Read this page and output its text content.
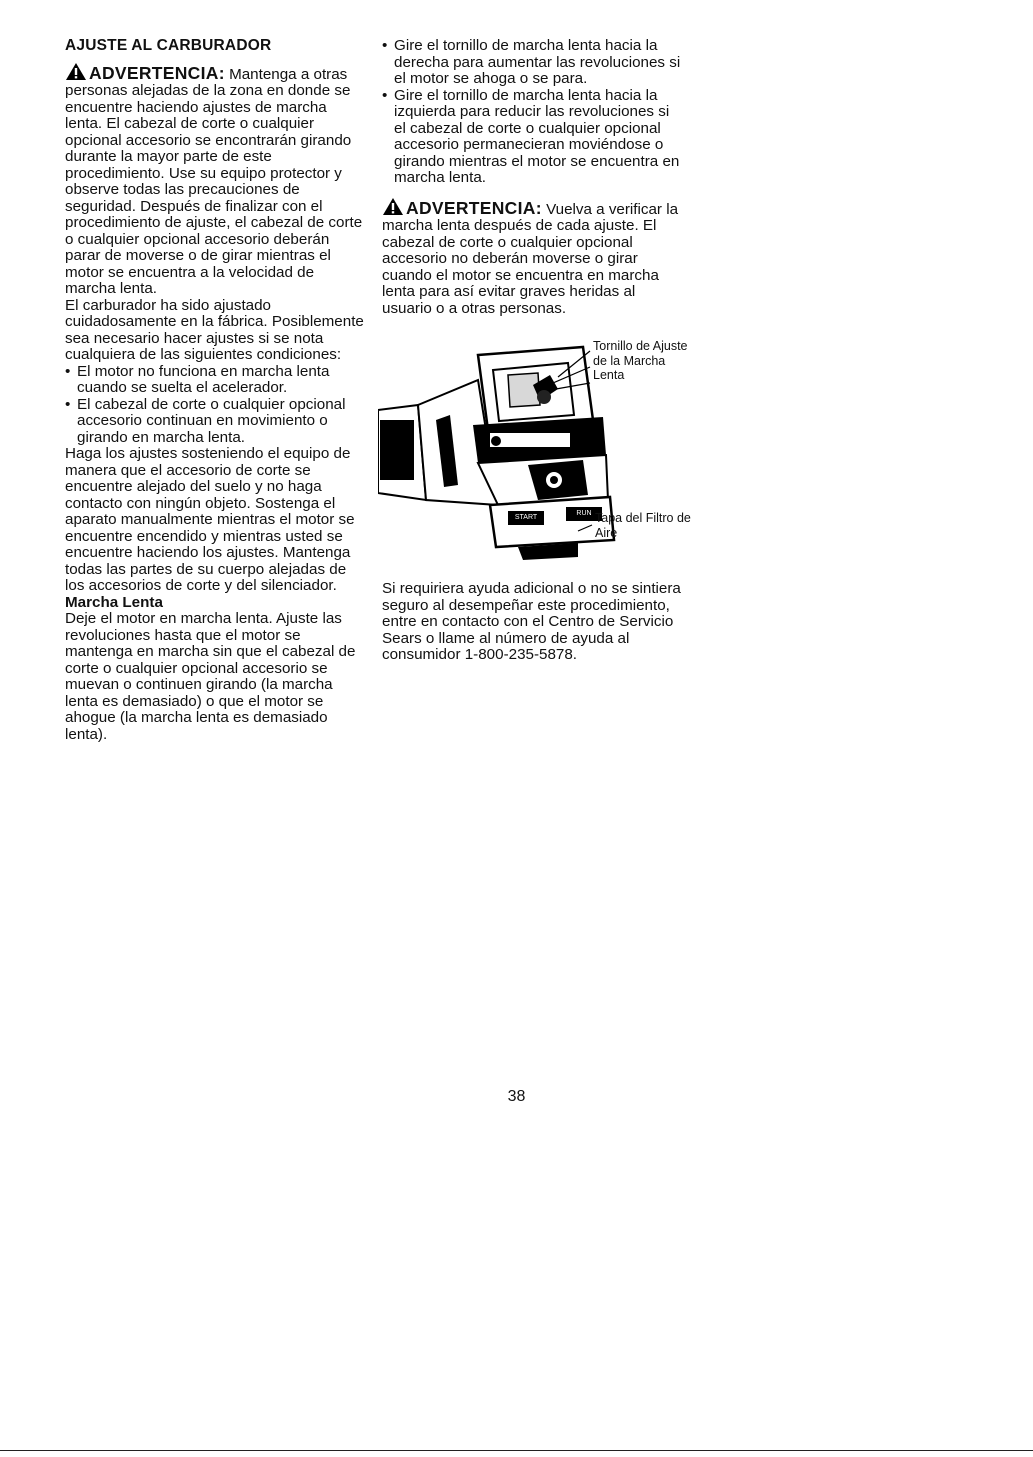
AJUSTE AL CARBURADOR

ADVERTENCIA: Mantenga a otras personas alejadas de la zona en donde se encuentre haciendo ajustes de marcha lenta. El cabezal de corte o cualquier opcional accesorio se encontrarán girando durante la mayor parte de este procedimiento. Use su equipo protector y observe todas las precauciones de seguridad. Después de finalizar con el procedimiento de ajuste, el cabezal de corte o cualquier opcional accesorio deberán parar de moverse o de girar mientras el motor se encuentra a la velocidad de marcha lenta.

El carburador ha sido ajustado cuidadosamente en la fábrica. Posiblemente sea necesario hacer ajustes si se nota cualquiera de las siguientes condiciones:

• El motor no funciona en marcha lenta cuando se suelta el acelerador.
• El cabezal de corte o cualquier opcional accesorio continuan en movimiento o girando en marcha lenta.

Haga los ajustes sosteniendo el equipo de manera que el accesorio de corte se encuentre alejado del suelo y no haga contacto con ningún objeto. Sostenga el aparato manualmente mientras el motor se encuentre encendido y mientras usted se encuentre haciendo los ajustes. Mantenga todas las partes de su cuerpo alejadas de los accesorios de corte y del silenciador.

Marcha Lenta

Deje el motor en marcha lenta. Ajuste las revoluciones hasta que el motor se mantenga en marcha sin que el cabezal de corte o cualquier opcional accesorio se muevan o continuen girando (la marcha lenta es demasiado) o que el motor se ahogue (la marcha lenta es demasiado lenta).

• Gire el tornillo de marcha lenta hacia la derecha para aumentar las revoluciones si el motor se ahoga o se para.
• Gire el tornillo de marcha lenta hacia la izquierda para reducir las revoluciones si el cabezal de corte o cualquier opcional accesorio permanecieran moviéndose o girando mientras el motor se encuentra en marcha lenta.

ADVERTENCIA: Vuelva a verificar la marcha lenta después de cada ajuste. El cabezal de corte o cualquier opcional accesorio no deberán moverse o girar cuando el motor se encuentra en marcha lenta para así evitar graves heridas al usuario o a otras personas.

START
RUN
Tornillo de Ajuste de la Marcha Lenta
Tapa del Filtro de Aire

Si requiriera ayuda adicional o no se sintiera seguro al desempeñar este procedimiento, entre en contacto con el Centro de Servicio Sears o llame al número de ayuda al consumidor 1-800-235-5878.

38
